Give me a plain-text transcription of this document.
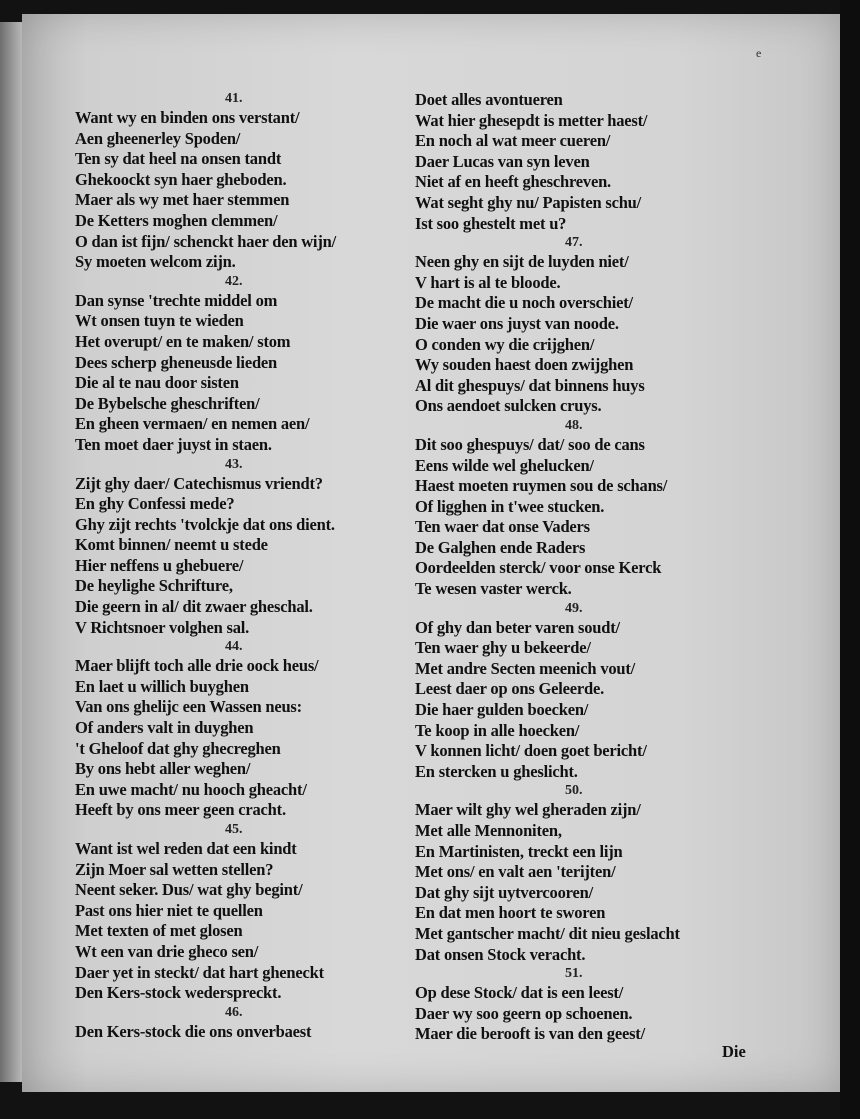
e
41.
Want wy en binden ons verstant/
Aen gheenerley Spoden/
Ten sy dat heel na onsen tandt
Ghekoockt syn haer gheboden.
Maer als wy met haer stemmen
De Ketters moghen clemmen/
O dan ist fijn/ schenckt haer den wijn/
Sy moeten welcom zijn.
42.
Dan synse 'trechte middel om
Wt onsen tuyn te wieden
Het overupt/ en te maken/ stom
Dees scherp gheneusde lieden
Die al te nau door sisten
De Bybelsche gheschriften/
En gheen vermaen/ en nemen aen/
Ten moet daer juyst in staen.
43.
Zijt ghy daer/ Catechismus vriendt?
En ghy Confessi mede?
Ghy zijt rechts 'tvolckje dat ons dient.
Komt binnen/ neemt u stede
Hier neffens u ghebuere/
De heylighe Schrifture,
Die geern in al/ dit zwaer gheschal.
V Richtsnoer volghen sal.
44.
Maer blijft toch alle drie oock heus/
En laet u willich buyghen
Van ons ghelijc een Wassen neus:
Of anders valt in duyghen
't Gheloof dat ghy ghecreghen
By ons hebt aller weghen/
En uwe macht/ nu hooch gheacht/
Heeft by ons meer geen cracht.
45.
Want ist wel reden dat een kindt
Zijn Moer sal wetten stellen?
Neent seker. Dus/ wat ghy begint/
Past ons hier niet te quellen
Met texten of met glosen
Wt een van drie gheco sen/
Daer yet in steckt/ dat hart gheneckt
Den Kers-stock wederspreckt.
46.
Den Kers-stock die ons onverbaest
Doet alles avontueren
Wat hier ghesepdt is metter haest/
En noch al wat meer cueren/
Daer Lucas van syn leven
Niet af en heeft gheschreven.
Wat seght ghy nu/ Papisten schu/
Ist soo ghestelt met u?
47.
Neen ghy en sijt de luyden niet/
V hart is al te bloode.
De macht die u noch overschiet/
Die waer ons juyst van noode.
O conden wy die crijghen/
Wy souden haest doen zwijghen
Al dit ghespuys/ dat binnens huys
Ons aendoet sulcken cruys.
48.
Dit soo ghespuys/ dat/ soo de cans
Eens wilde wel ghelucken/
Haest moeten ruymen sou de schans/
Of ligghen in t'wee stucken.
Ten waer dat onse Vaders
De Galghen ende Raders
Oordeelden sterck/ voor onse Kerck
Te wesen vaster werck.
49.
Of ghy dan beter varen soudt/
Ten waer ghy u bekeerde/
Met andre Secten meenich vout/
Leest daer op ons Geleerde.
Die haer gulden boecken/
Te koop in alle hoecken/
V konnen licht/ doen goet bericht/
En stercken u gheslicht.
50.
Maer wilt ghy wel gheraden zijn/
Met alle Mennoniten,
En Martinisten, treckt een lijn
Met ons/ en valt aen 'terijten/
Dat ghy sijt uytvercooren/
En dat men hoort te sworen
Met gantscher macht/ dit nieu geslacht
Dat onsen Stock veracht.
51.
Op dese Stock/ dat is een leest/
Daer wy soo geern op schoenen.
Maer die berooft is van den geest/
Die
